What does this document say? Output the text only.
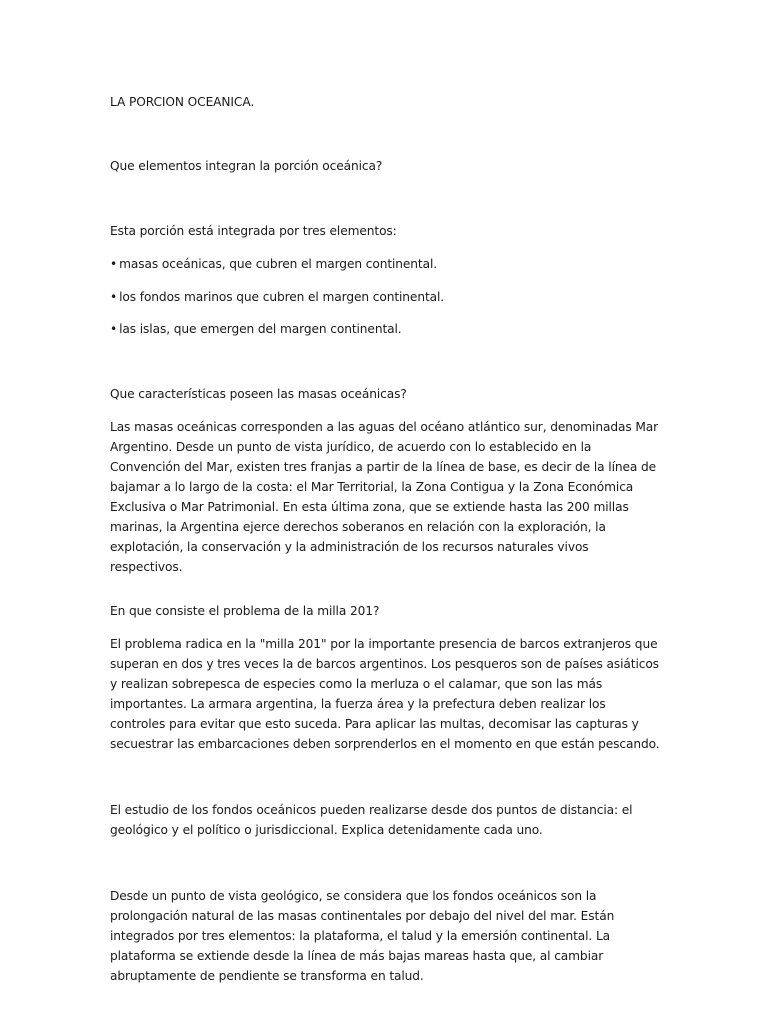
LA PORCION OCEANICA.

Que elementos integran la porción oceánica?

Esta porción está integrada por tres elementos:

• masas oceánicas, que cubren el margen continental.

• los fondos marinos que cubren el margen continental.

• las islas, que emergen del margen continental.

Que características poseen las masas oceánicas?

Las masas oceánicas corresponden a las aguas del océano atlántico sur, denominadas Mar Argentino. Desde un punto de vista jurídico, de acuerdo con lo establecido en la Convención del Mar, existen tres franjas a partir de la línea de base, es decir de la línea de bajamar a lo largo de la costa: el Mar Territorial, la Zona Contigua y la Zona Económica Exclusiva o Mar Patrimonial. En esta última zona, que se extiende hasta las 200 millas marinas, la Argentina ejerce derechos soberanos en relación con la exploración, la explotación, la conservación y la administración de los recursos naturales vivos respectivos.

En que consiste el problema de la milla 201?

El problema radica en la "milla 201" por la importante presencia de barcos extranjeros que superan en dos y tres veces la de barcos argentinos. Los pesqueros son de países asiáticos y realizan sobrepesca de especies como la merluza o el calamar, que son las más importantes. La armara argentina, la fuerza área y la prefectura deben realizar los controles para evitar que esto suceda. Para aplicar las multas, decomisar las capturas y secuestrar las embarcaciones deben sorprenderlos en el momento en que están pescando.

El estudio de los fondos oceánicos pueden realizarse desde dos puntos de distancia: el geológico y el político o jurisdiccional. Explica detenidamente cada uno.

Desde un punto de vista geológico, se considera que los fondos oceánicos son la prolongación natural de las masas continentales por debajo del nivel del mar. Están integrados por tres elementos: la plataforma, el talud y la emersión continental. La plataforma se extiende desde la línea de más bajas mareas hasta que, al cambiar abruptamente de pendiente se transforma en talud.
